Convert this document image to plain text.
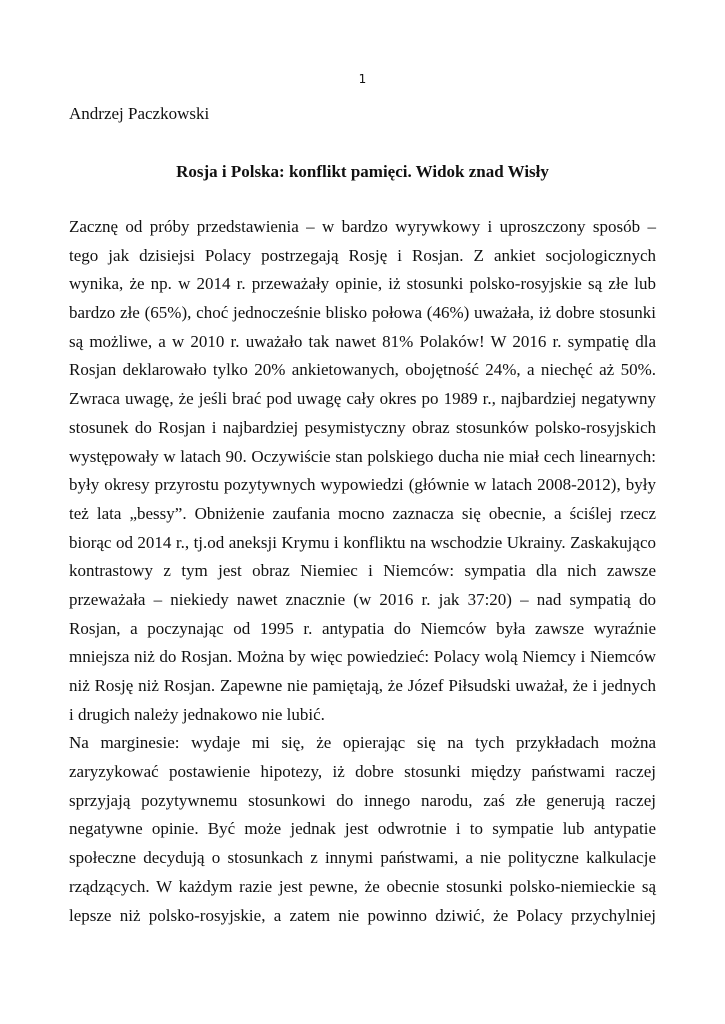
1
Andrzej Paczkowski
Rosja i Polska: konflikt pamięci. Widok znad Wisły
Zacznę od próby przedstawienia – w bardzo wyrywkowy i uproszczony sposób –
tego jak dzisiejsi Polacy postrzegają Rosję i Rosjan. Z ankiet socjologicznych
wynika, że np. w 2014 r. przeważały opinie, iż stosunki polsko-rosyjskie są złe lub
bardzo złe (65%), choć jednocześnie blisko połowa (46%) uważała, iż dobre stosunki
są możliwe, a w 2010 r. uważało tak nawet 81% Polaków! W 2016 r. sympatię dla
Rosjan deklarowało tylko 20% ankietowanych, obojętność 24%, a niechęć aż 50%.
Zwraca uwagę, że jeśli brać pod uwagę cały okres po 1989 r., najbardziej negatywny
stosunek do Rosjan i najbardziej pesymistyczny obraz stosunków polsko-rosyjskich
występowały w latach 90. Oczywiście stan polskiego ducha nie miał cech linearnych:
były okresy przyrostu pozytywnych wypowiedzi (głównie w latach 2008-2012), były
też lata „bessy”. Obniżenie zaufania mocno zaznacza się obecnie, a ściślej rzecz
biorąc od 2014 r., tj.od aneksji Krymu i konfliktu na wschodzie Ukrainy. Zaskakująco
kontrastowy z tym jest obraz Niemiec i Niemców: sympatia dla nich zawsze
przeważała – niekiedy nawet znacznie (w 2016 r. jak 37:20) – nad sympatią do
Rosjan, a poczynając od 1995 r. antypatia do Niemców była zawsze wyraźnie
mniejsza niż do Rosjan. Można by więc powiedzieć: Polacy wolą Niemcy i Niemców
niż Rosję niż Rosjan. Zapewne nie pamiętają, że Józef Piłsudski uważał, że i jednych
i drugich należy jednakowo nie lubić.
Na marginesie: wydaje mi się, że opierając się na tych przykładach można
zaryzykować postawienie hipotezy, iż dobre stosunki między państwami raczej
sprzyjają pozytywnemu stosunkowi do innego narodu, zaś złe generują raczej
negatywne opinie. Być może jednak jest odwrotnie i to sympatie lub antypatie
społeczne decydują o stosunkach z innymi państwami, a nie polityczne kalkulacje
rządzących. W każdym razie jest pewne, że obecnie stosunki polsko-niemieckie są
lepsze niż polsko-rosyjskie, a zatem nie powinno dziwić, że Polacy przychylniej
